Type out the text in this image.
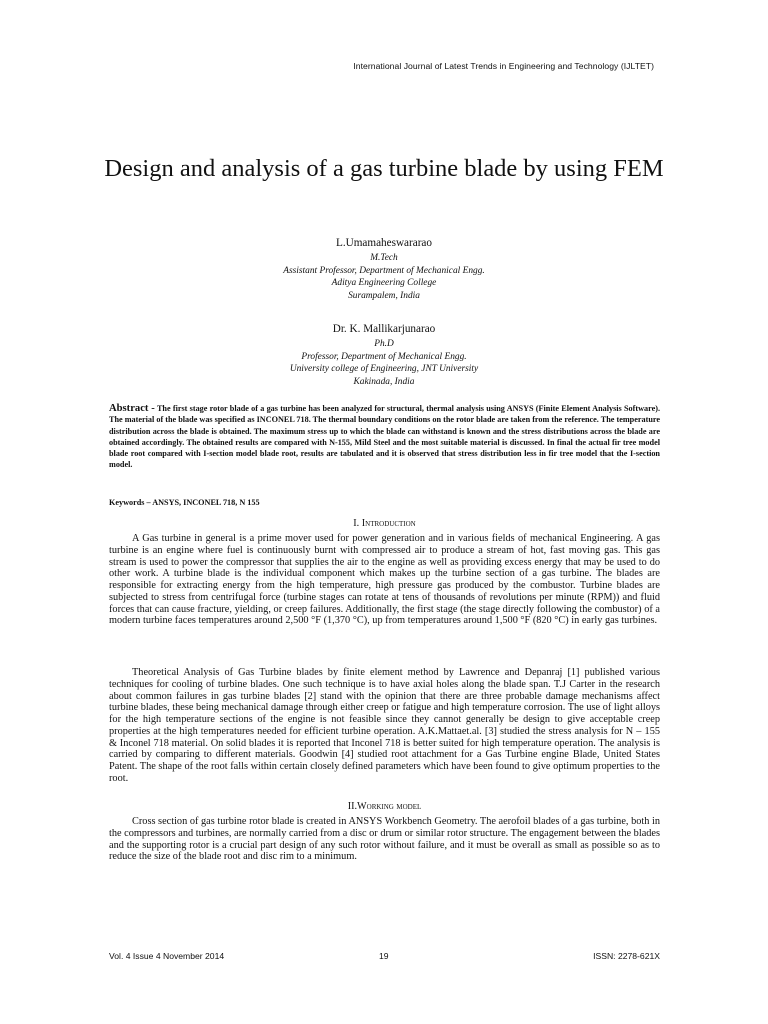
International Journal of Latest Trends in Engineering and Technology (IJLTET)
Design and analysis of a gas turbine blade by using FEM
L.Umamaheswararao
M.Tech
Assistant Professor, Department of Mechanical Engg.
Aditya Engineering College
Surampalem, India
Dr. K. Mallikarjunarao
Ph.D
Professor, Department of Mechanical Engg.
University college of Engineering, JNT University
Kakinada, India

Abstract - The first stage rotor blade of a gas turbine has been analyzed for structural, thermal analysis using ANSYS (Finite Element Analysis Software). The material of the blade was specified as INCONEL 718. The thermal boundary conditions on the rotor blade are taken from the reference. The temperature distribution across the blade is obtained. The maximum stress up to which the blade can withstand is known and the stress distributions across the blade are obtained accordingly. The obtained results are compared with N-155, Mild Steel and the most suitable material is discussed. In final the actual fir tree model blade root compared with I-section model blade root, results are tabulated and it is observed that stress distribution less in fir tree model that the I-section model.

Keywords – ANSYS, INCONEL 718, N 155
I. Introduction

A Gas turbine in general is a prime mover used for power generation and in various fields of mechanical Engineering. A gas turbine is an engine where fuel is continuously burnt with compressed air to produce a stream of hot, fast moving gas. This gas stream is used to power the compressor that supplies the air to the engine as well as providing excess energy that may be used to do other work. A turbine blade is the individual component which makes up the turbine section of a gas turbine. The blades are responsible for extracting energy from the high temperature, high pressure gas produced by the combustor. Turbine blades are subjected to stress from centrifugal force (turbine stages can rotate at tens of thousands of revolutions per minute (RPM)) and fluid forces that can cause fracture, yielding, or creep failures. Additionally, the first stage (the stage directly following the combustor) of a modern turbine faces temperatures around 2,500 °F (1,370 °C), up from temperatures around 1,500 °F (820 °C) in early gas turbines.

Theoretical Analysis of Gas Turbine blades by finite element method by Lawrence and Depanraj [1] published various techniques for cooling of turbine blades. One such technique is to have axial holes along the blade span. T.J Carter in the research about common failures in gas turbine blades [2] stand with the opinion that there are three probable damage mechanisms affect turbine blades, these being mechanical damage through either creep or fatigue and high temperature corrosion. The use of light alloys for the high temperature sections of the engine is not feasible since they cannot generally be design to give acceptable creep properties at the high temperatures needed for efficient turbine operation. A.K.Mattaet.al. [3] studied the stress analysis for N – 155 & Inconel 718 material. On solid blades it is reported that Inconel 718 is better suited for high temperature operation. The analysis is carried by comparing to different materials. Goodwin [4] studied root attachment for a Gas Turbine engine Blade, United States Patent. The shape of the root falls within certain closely defined parameters which have been found to give optimum properties to the root.

II.Working model

Cross section of gas turbine rotor blade is created in ANSYS Workbench Geometry. The aerofoil blades of a gas turbine, both in the compressors and turbines, are normally carried from a disc or drum or similar rotor structure. The engagement between the blades and the supporting rotor is a crucial part design of any such rotor without failure, and it must be overall as small as possible so as to reduce the size of the blade root and disc rim to a minimum.

Vol. 4 Issue 4 November 2014	19	ISSN: 2278-621X
